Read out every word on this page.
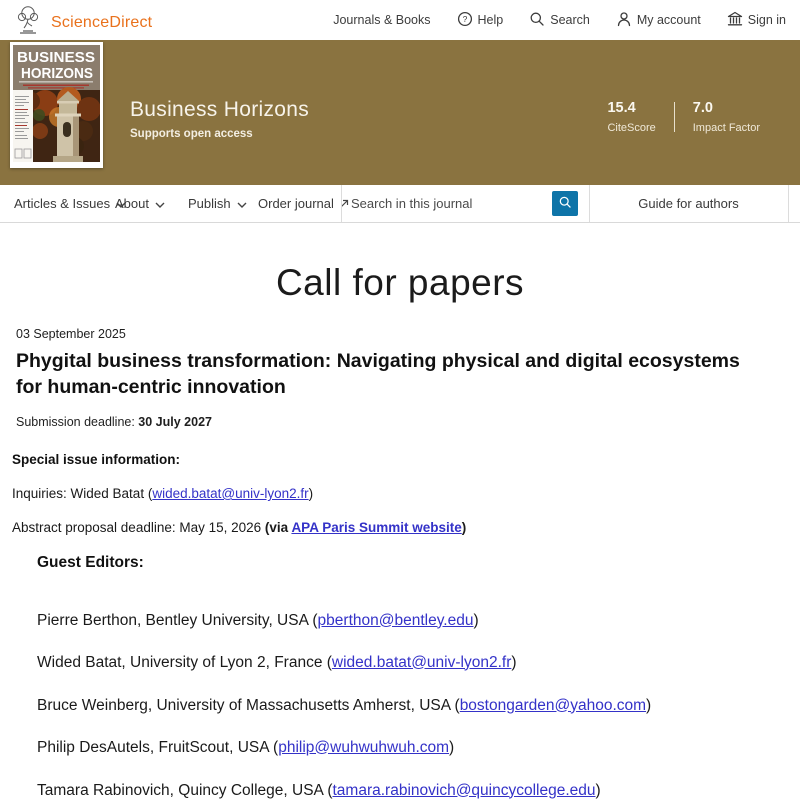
ScienceDirect	Journals & Books	? Help	Search	My account	Sign in
BUSINESS
HORIZONS
Business Horizons
Supports open access
15.4
CiteScore
7.0
Impact Factor
Articles & Issues About	Publish Order journal
Search in this journal	Guide for authors
Call for papers
03 September 2025
Phygital business transformation: Navigating physical and digital ecosystems for human-centric innovation
Submission deadline: 30 July 2027
Special issue information:
Inquiries: Wided Batat (wided.batat@univ-lyon2.fr)
Abstract proposal deadline: May 15, 2026 (via APA Paris Summit website)
Guest Editors:

Pierre Berthon, Bentley University, USA (pberthon@bentley.edu)

Wided Batat, University of Lyon 2, France (wided.batat@univ-lyon2.fr)

Bruce Weinberg, University of Massachusetts Amherst, USA (bostongarden@yahoo.com)

Philip DesAutels, FruitScout, USA (philip@wuhwuhwuh.com)

Tamara Rabinovich, Quincy College, USA (tamara.rabinovich@quincycollege.edu)
